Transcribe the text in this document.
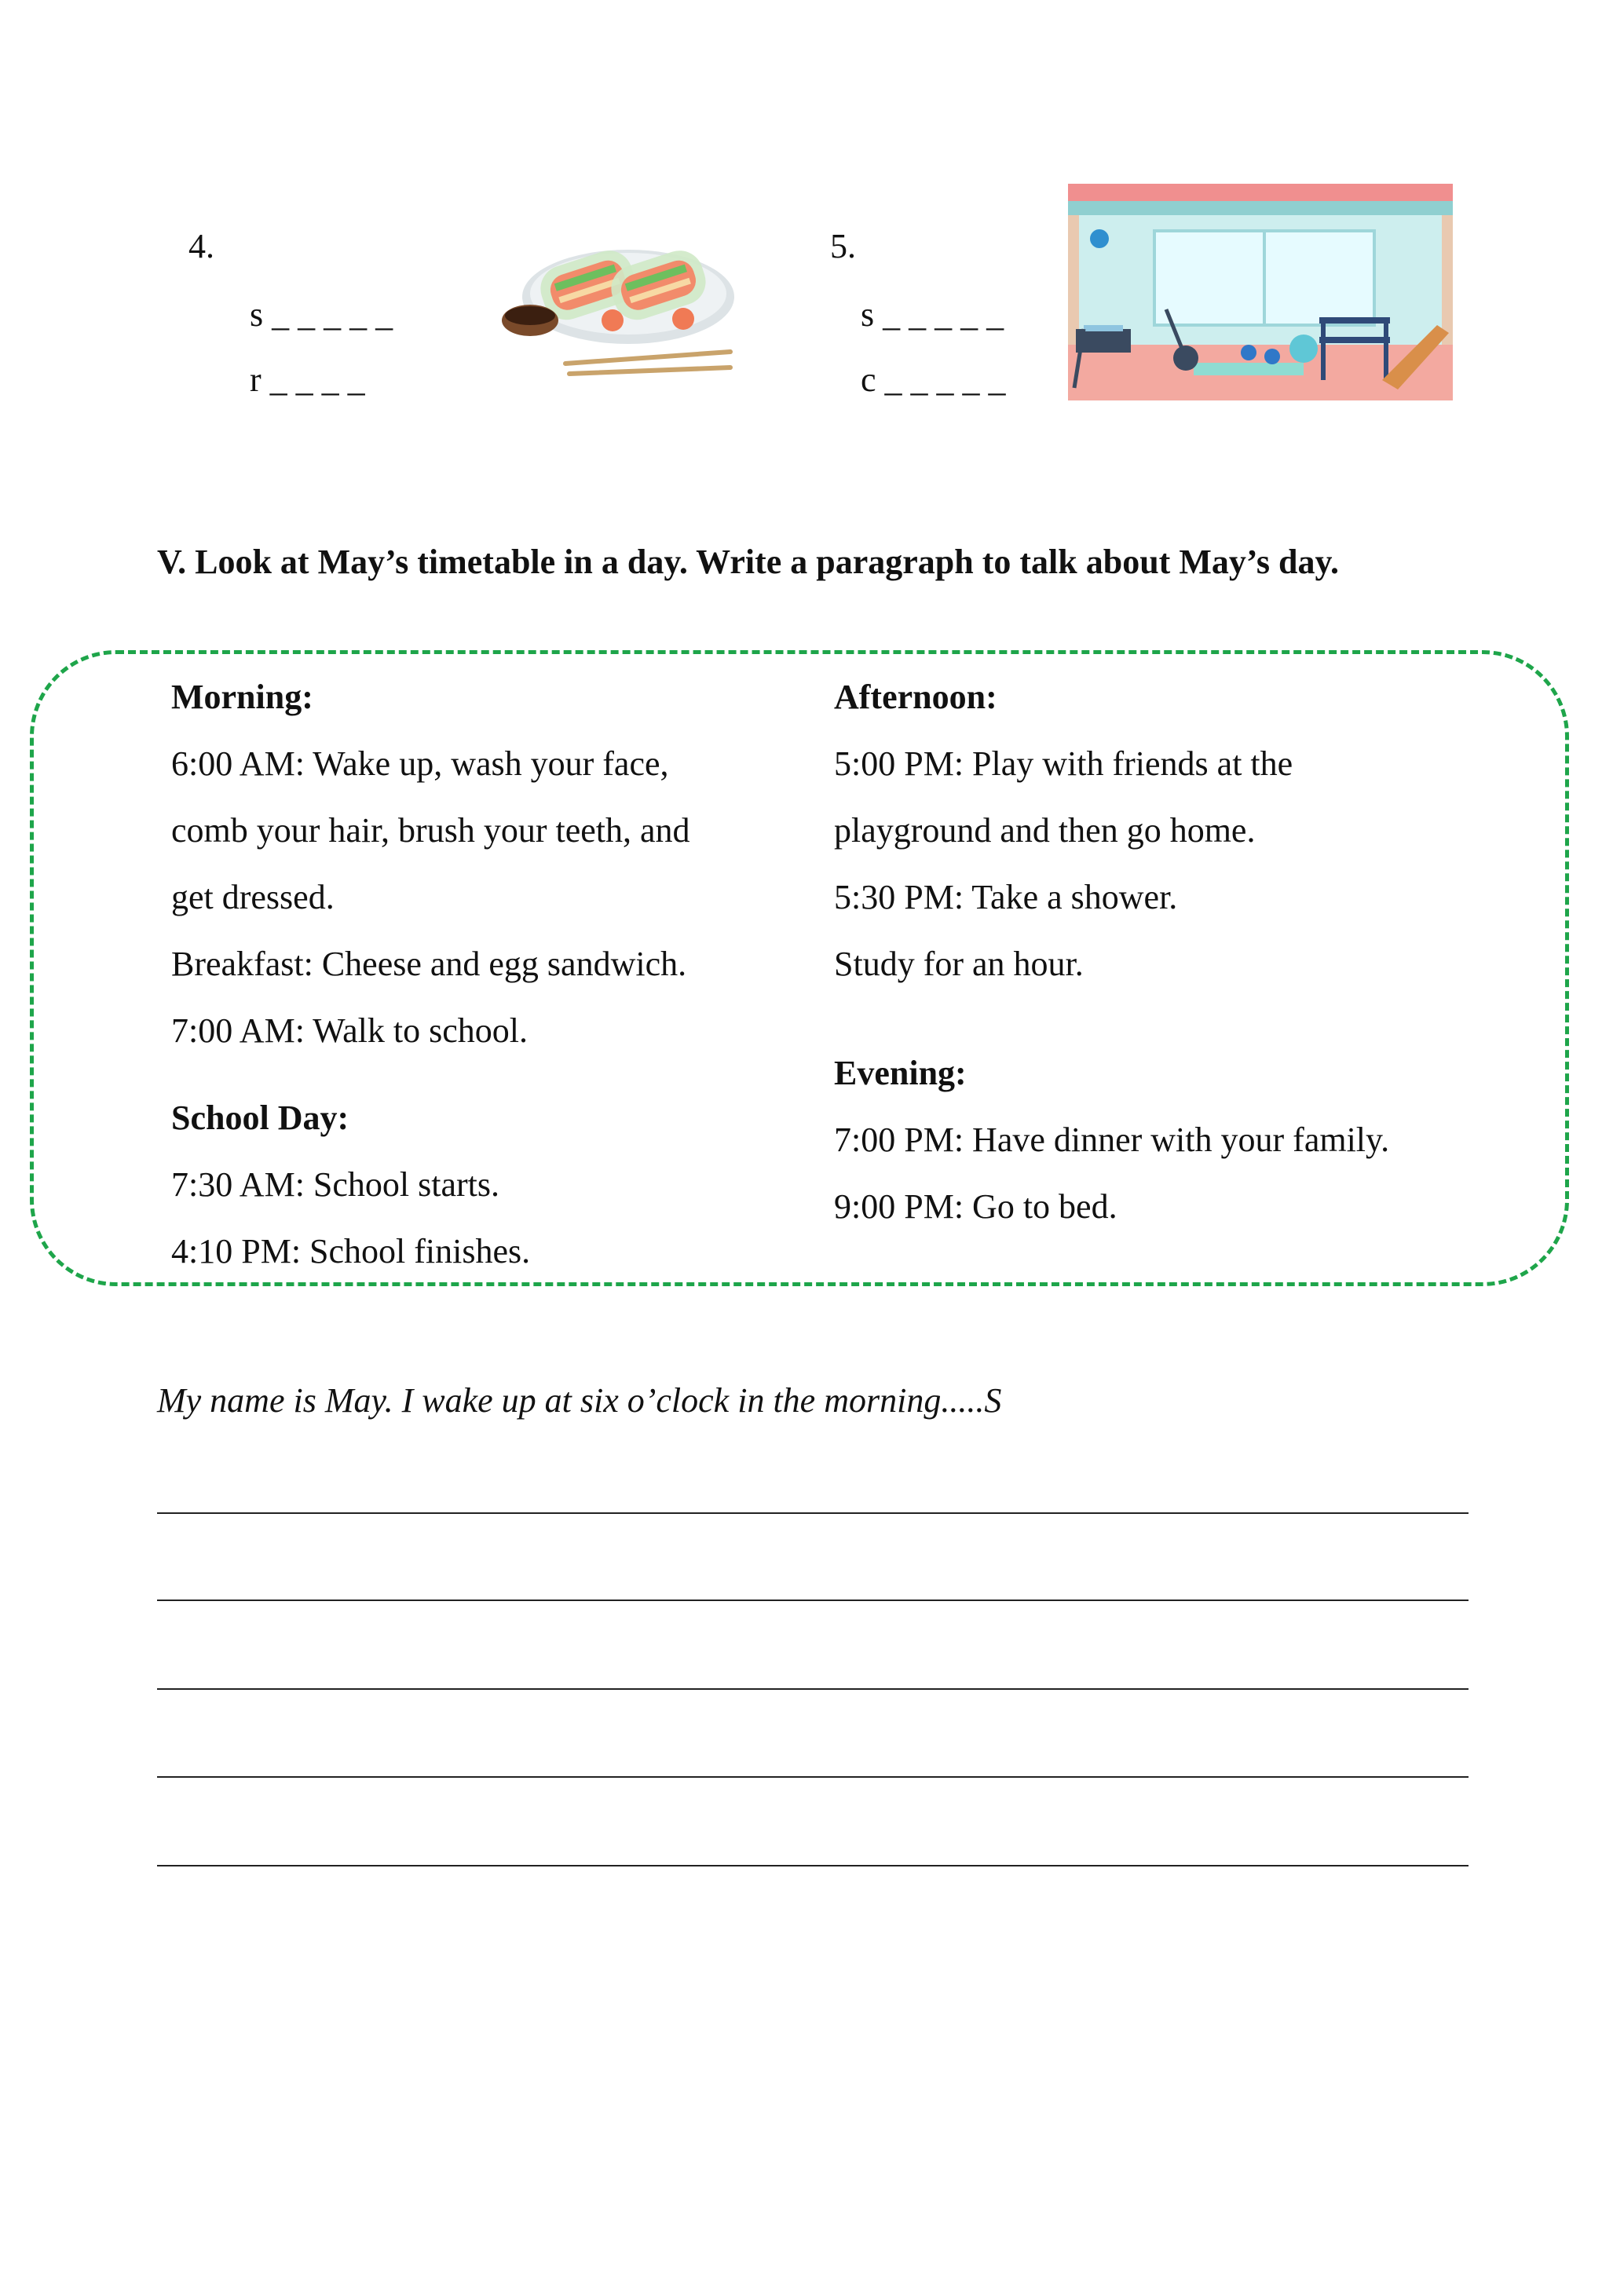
4.
s _ _ _ _ _
r _ _ _ _
5.
s _ _ _ _ _
c _ _ _ _ _
V. Look at May’s timetable in a day. Write a paragraph to talk about May’s day.
Morning:
6:00 AM: Wake up, wash your face,
comb your hair, brush your teeth, and
get dressed.
Breakfast: Cheese and egg sandwich.
7:00 AM: Walk to school.
School Day:
7:30 AM: School starts.
4:10 PM: School finishes.
Afternoon:
5:00 PM: Play with friends at the
playground and then go home.
5:30 PM: Take a shower.
Study for an hour.
Evening:
7:00 PM: Have dinner with your family.
9:00 PM: Go to bed.
My name is May. I wake up at six o’clock in the morning.....S
